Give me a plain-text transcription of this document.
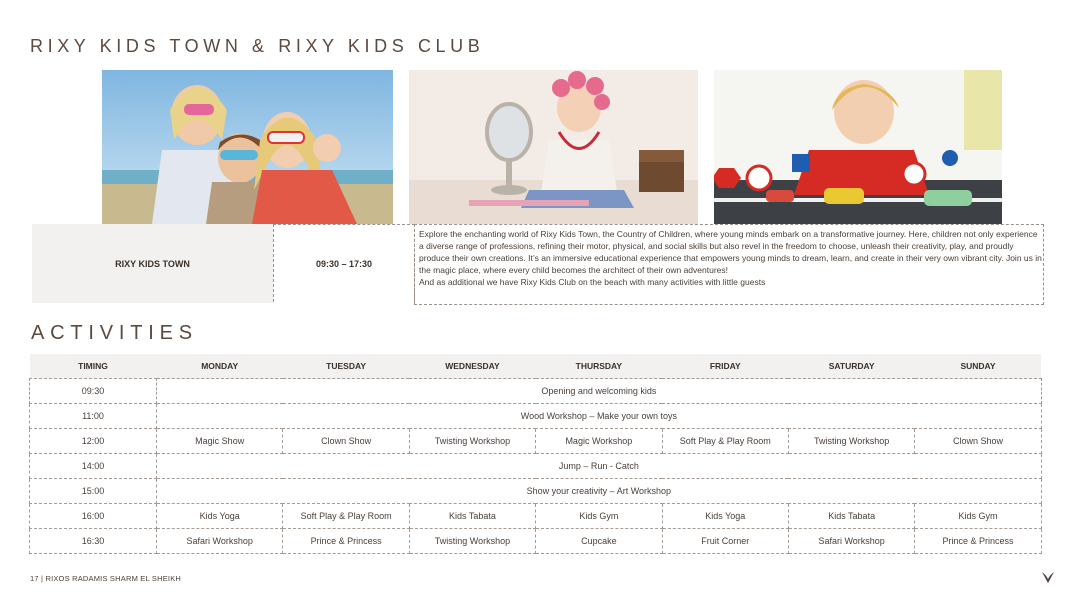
RIXY KIDS TOWN & RIXY KIDS CLUB
RIXY KIDS TOWN	09:30 – 17:30

Explore the enchanting world of Rixy Kids Town, the Country of Children, where young minds embark on a transformative journey. Here, children not only experience a diverse range of professions, refining their motor, physical, and social skills but also revel in the freedom to choose, unleash their creativity, play, and proudly produce their own creations. It’s an immersive educational experience that empowers young minds to dream, learn, and create in their very own vibrant city. Join us in the magic place, where every child becomes the architect of their own adventures!

And as additional we have Rixy Kids Club on the beach with many activities with little guests

ACTIVITIES
TIMING	MONDAY	TUESDAY	WEDNESDAY	THURSDAY	FRIDAY	SATURDAY	SUNDAY
09:30	Opening and welcoming kids						
11:00	Wood Workshop – Make your own toys						
12:00	Magic Show	Clown Show	Twisting Workshop	Magic Workshop	Soft Play & Play Room	Twisting Workshop	Clown Show
14:00	Jump – Run - Catch						
15:00	Show your creativity – Art Workshop						
16:00	Kids Yoga	Soft Play & Play Room	Kids Tabata	Kids Gym	Kids Yoga	Kids Tabata	Kids Gym
16:30	Safari Workshop	Prince & Princess	Twisting Workshop	Cupcake	Fruit Corner	Safari Workshop	Prince & Princess
17 | RIXOS RADAMIS SHARM EL SHEIKH
